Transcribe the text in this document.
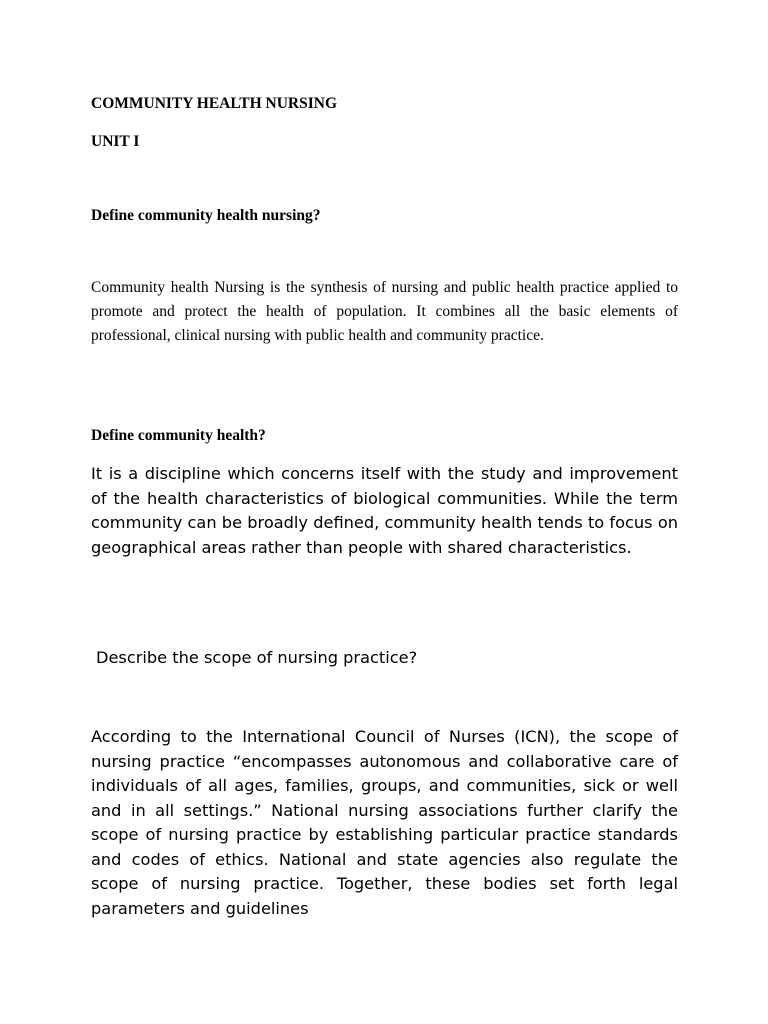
COMMUNITY HEALTH NURSING

UNIT I

Define community health nursing?

Community health Nursing is the synthesis of nursing and public health practice applied to promote and protect the health of population. It combines all the basic elements of professional, clinical nursing with public health and community practice.

Define community health?

It is a discipline which concerns itself with the study and improvement of the health characteristics of biological communities. While the term community can be broadly defined, community health tends to focus on geographical areas rather than people with shared characteristics.

Describe the scope of nursing practice?

According to the International Council of Nurses (ICN), the scope of nursing practice “encompasses autonomous and collaborative care of individuals of all ages, families, groups, and communities, sick or well and in all settings.” National nursing associations further clarify the scope of nursing practice by establishing particular practice standards and codes of ethics. National and state agencies also regulate the scope of nursing practice. Together, these bodies set forth legal parameters and guidelines
